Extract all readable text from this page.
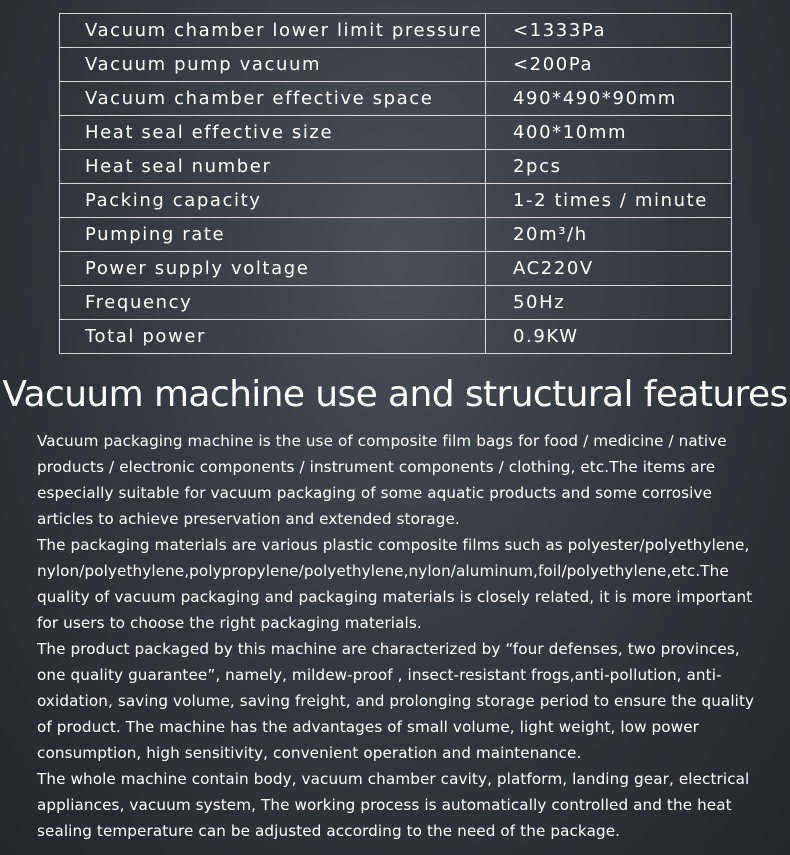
Vacuum chamber lower limit pressure	<1333Pa
Vacuum pump vacuum	<200Pa
Vacuum chamber effective space	490*490*90mm
Heat seal effective size	400*10mm
Heat seal number	2pcs
Packing capacity	1-2 times / minute
Pumping rate	20m³/h
Power supply voltage	AC220V
Frequency	50Hz
Total power	0.9KW
Vacuum machine use and structural features

Vacuum packaging machine is the use of composite film bags for food / medicine / native products / electronic components / instrument components / clothing, etc.The items are especially suitable for vacuum packaging of some aquatic products and some corrosive articles to achieve preservation and extended storage.

The packaging materials are various plastic composite films such as polyester/polyethylene, nylon/polyethylene,polypropylene/polyethylene,nylon/aluminum,foil/polyethylene,etc.The quality of vacuum packaging and packaging materials is closely related, it is more important for users to choose the right packaging materials.

The product packaged by this machine are characterized by “four defenses, two provinces, one quality guarantee”, namely, mildew-proof , insect-resistant frogs,anti-pollution, anti-oxidation, saving volume, saving freight, and prolonging storage period to ensure the quality of product. The machine has the advantages of small volume, light weight, low power consumption, high sensitivity, convenient operation and maintenance.

The whole machine contain body, vacuum chamber cavity, platform, landing gear, electrical appliances, vacuum system, The working process is automatically controlled and the heat sealing temperature can be adjusted according to the need of the package.
